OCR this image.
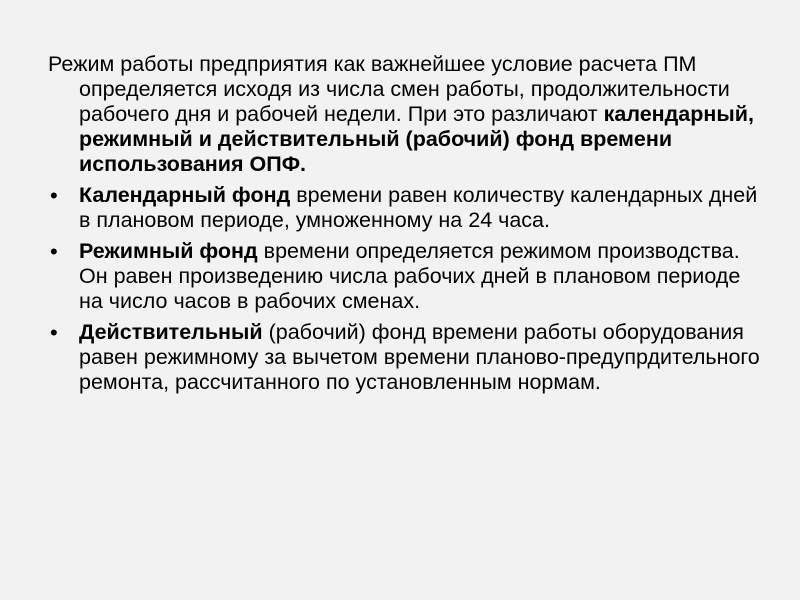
Режим работы предприятия как важнейшее условие расчета ПМ определяется исходя из числа смен работы, продолжительности рабочего дня и рабочей недели. При это различают календарный, режимный и действительный (рабочий) фонд времени использования ОПФ.

• Календарный фонд времени равен количеству календарных дней в плановом периоде, умноженному на 24 часа.
• Режимный фонд времени определяется режимом производства. Он равен произведению числа рабочих дней в плановом периоде на число часов в рабочих сменах.
• Действительный (рабочий) фонд времени работы оборудования равен режимному за вычетом времени планово-предупрдительного ремонта, рассчитанного по установленным нормам.
